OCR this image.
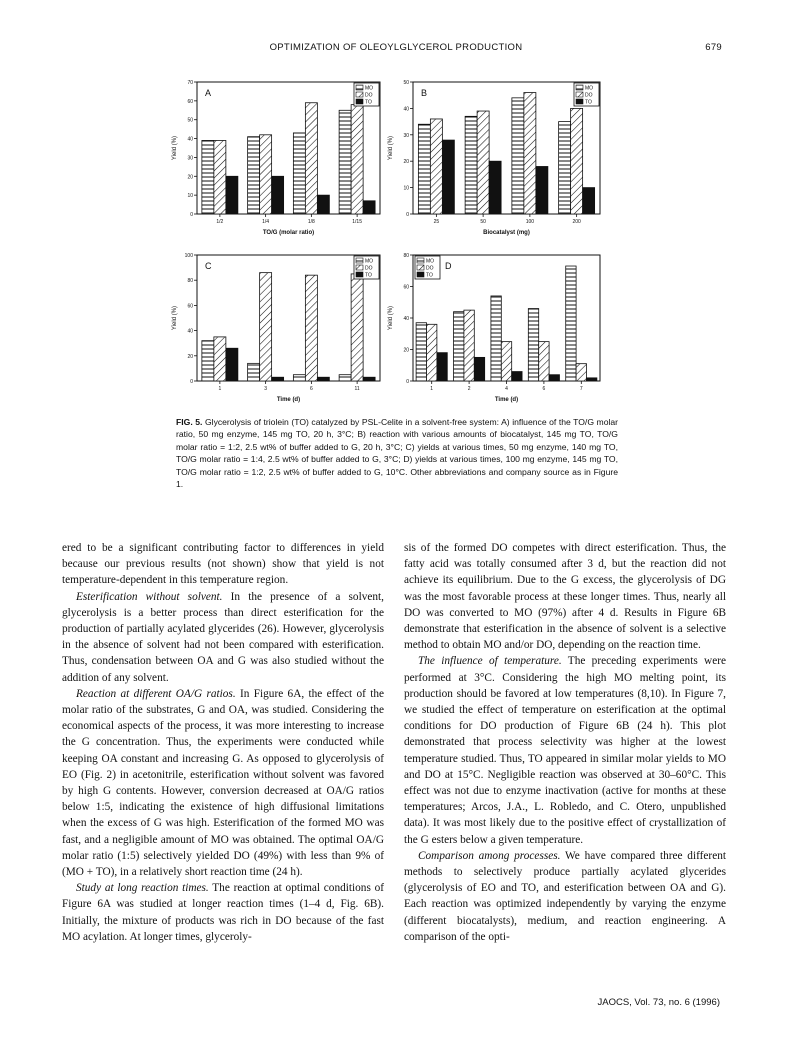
OPTIMIZATION OF OLEOYLGLYCEROL PRODUCTION	679
0
10
20
30
40
50
60
70
1/2	1/4	1/8	1/15
TO/G (molar ratio)
Yield (%)
A	MO
DO
TO
0
10
20
30
40
50
25	50	100	200
Biocatalyst (mg)
Yield (%)
B	MO
DO
TO
0
20
40
60
80
100
1	3	6	11
Time (d)
Yield (%)
C	MO
DO
TO
0
20
40
60
80
1	2	4	6	7
Time (d)
Yield (%)
D
MO
DO
TO
FIG. 5. Glycerolysis of triolein (TO) catalyzed by PSL-Celite in a solvent-free system: A) influence of the TO/G molar ratio, 50 mg enzyme, 145 mg TO, 20 h, 3°C; B) reaction with various amounts of biocatalyst, 145 mg TO, TO/G molar ratio = 1:2, 2.5 wt% of buffer added to G, 20 h, 3°C; C) yields at various times, 50 mg enzyme, 140 mg TO, TO/G molar ratio = 1:4, 2.5 wt% of buffer added to G, 3°C; D) yields at various times, 100 mg enzyme, 145 mg TO, TO/G molar ratio = 1:2, 2.5 wt% of buffer added to G, 10°C. Other abbreviations and company source as in Figure 1.

ered to be a significant contributing factor to differences in yield because our previous results (not shown) show that yield is not temperature-dependent in this temperature region.

Esterification without solvent. In the presence of a solvent, glycerolysis is a better process than direct esterification for the production of partially acylated glycerides (26). However, glycerolysis in the absence of solvent had not been compared with esterification. Thus, condensation between OA and G was also studied without the addition of any solvent.

Reaction at different OA/G ratios. In Figure 6A, the effect of the molar ratio of the substrates, G and OA, was studied. Considering the economical aspects of the process, it was more interesting to increase the G concentration. Thus, the experiments were conducted while keeping OA constant and increasing G. As opposed to glycerolysis of EO (Fig. 2) in acetonitrile, esterification without solvent was favored by high G contents. However, conversion decreased at OA/G ratios below 1:5, indicating the existence of high diffusional limitations when the excess of G was high. Esterification of the formed MO was fast, and a negligible amount of MO was obtained. The optimal OA/G molar ratio (1:5) selectively yielded DO (49%) with less than 9% of (MO + TO), in a relatively short reaction time (24 h).

Study at long reaction times. The reaction at optimal conditions of Figure 6A was studied at longer reaction times (1–4 d, Fig. 6B). Initially, the mixture of products was rich in DO because of the fast MO acylation. At longer times, glyceroly-

sis of the formed DO competes with direct esterification. Thus, the fatty acid was totally consumed after 3 d, but the reaction did not achieve its equilibrium. Due to the G excess, the glycerolysis of DG was the most favorable process at these longer times. Thus, nearly all DO was converted to MO (97%) after 4 d. Results in Figure 6B demonstrate that esterification in the absence of solvent is a selective method to obtain MO and/or DO, depending on the reaction time.

The influence of temperature. The preceding experiments were performed at 3°C. Considering the high MO melting point, its production should be favored at low temperatures (8,10). In Figure 7, we studied the effect of temperature on esterification at the optimal conditions for DO production of Figure 6B (24 h). This plot demonstrated that process selectivity was higher at the lowest temperature studied. Thus, TO appeared in similar molar yields to MO and DO at 15°C. Negligible reaction was observed at 30–60°C. This effect was not due to enzyme inactivation (active for months at these temperatures; Arcos, J.A., L. Robledo, and C. Otero, unpublished data). It was most likely due to the positive effect of crystallization of the G esters below a given temperature.

Comparison among processes. We have compared three different methods to selectively produce partially acylated glycerides (glycerolysis of EO and TO, and esterification between OA and G). Each reaction was optimized independently by varying the enzyme (different biocatalysts), medium, and reaction engineering. A comparison of the opti-

JAOCS, Vol. 73, no. 6 (1996)
